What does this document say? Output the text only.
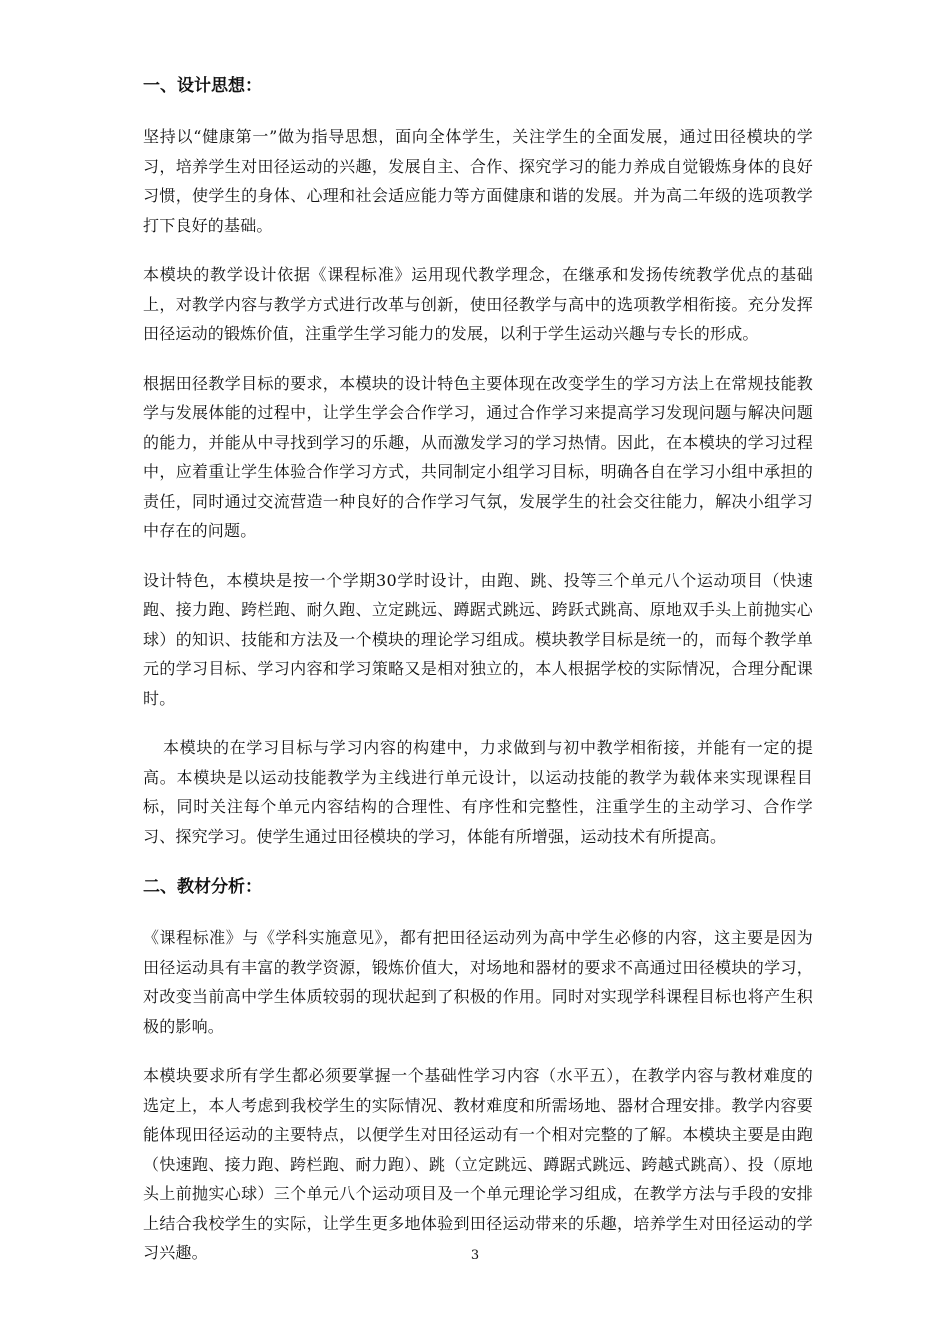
一、设计思想：

坚持以“健康第一”做为指导思想，面向全体学生，关注学生的全面发展，通过田径模块的学习，培养学生对田径运动的兴趣，发展自主、合作、探究学习的能力养成自觉锻炼身体的良好习惯，使学生的身体、心理和社会适应能力等方面健康和谐的发展。并为高二年级的选项教学打下良好的基础。

本模块的教学设计依据《课程标准》运用现代教学理念，在继承和发扬传统教学优点的基础上，对教学内容与教学方式进行改革与创新，使田径教学与高中的选项教学相衔接。充分发挥田径运动的锻炼价值，注重学生学习能力的发展，以利于学生运动兴趣与专长的形成。

根据田径教学目标的要求，本模块的设计特色主要体现在改变学生的学习方法上在常规技能教学与发展体能的过程中，让学生学会合作学习，通过合作学习来提高学习发现问题与解决问题的能力，并能从中寻找到学习的乐趣，从而激发学习的学习热情。因此，在本模块的学习过程中，应着重让学生体验合作学习方式，共同制定小组学习目标，明确各自在学习小组中承担的责任，同时通过交流营造一种良好的合作学习气氛，发展学生的社会交往能力，解决小组学习中存在的问题。

设计特色，本模块是按一个学期30学时设计，由跑、跳、投等三个单元八个运动项目（快速跑、接力跑、跨栏跑、耐久跑、立定跳远、蹲踞式跳远、跨跃式跳高、原地双手头上前抛实心球）的知识、技能和方法及一个模块的理论学习组成。模块教学目标是统一的，而每个教学单元的学习目标、学习内容和学习策略又是相对独立的，本人根据学校的实际情况，合理分配课时。

本模块的在学习目标与学习内容的构建中，力求做到与初中教学相衔接，并能有一定的提高。本模块是以运动技能教学为主线进行单元设计，以运动技能的教学为载体来实现课程目标，同时关注每个单元内容结构的合理性、有序性和完整性，注重学生的主动学习、合作学习、探究学习。使学生通过田径模块的学习，体能有所增强，运动技术有所提高。

二、教材分析：

《课程标准》与《学科实施意见》，都有把田径运动列为高中学生必修的内容，这主要是因为田径运动具有丰富的教学资源，锻炼价值大，对场地和器材的要求不高通过田径模块的学习，对改变当前高中学生体质较弱的现状起到了积极的作用。同时对实现学科课程目标也将产生积极的影响。

本模块要求所有学生都必须要掌握一个基础性学习内容（水平五），在教学内容与教材难度的选定上，本人考虑到我校学生的实际情况、教材难度和所需场地、器材合理安排。教学内容要能体现田径运动的主要特点，以便学生对田径运动有一个相对完整的了解。本模块主要是由跑（快速跑、接力跑、跨栏跑、耐力跑）、跳（立定跳远、蹲踞式跳远、跨越式跳高）、投（原地头上前抛实心球）三个单元八个运动项目及一个单元理论学习组成，在教学方法与手段的安排上结合我校学生的实际，让学生更多地体验到田径运动带来的乐趣，培养学生对田径运动的学习兴趣。	3
